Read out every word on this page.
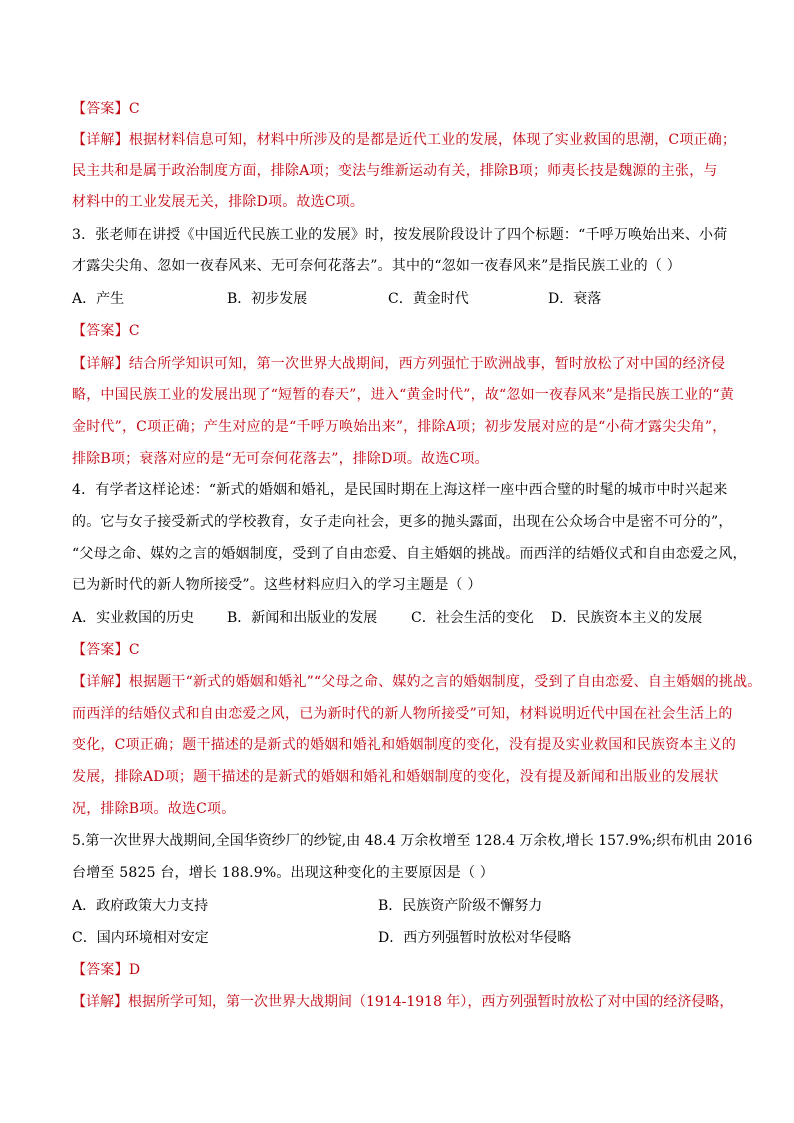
【答案】C
【详解】根据材料信息可知，材料中所涉及的是都是近代工业的发展，体现了实业救国的思潮，C项正确；
民主共和是属于政治制度方面，排除A项；变法与维新运动有关，排除B项；师夷长技是魏源的主张，与
材料中的工业发展无关，排除D项。故选C项。
3．张老师在讲授《中国近代民族工业的发展》时，按发展阶段设计了四个标题：“千呼万唤始出来、小荷
才露尖尖角、忽如一夜春风来、无可奈何花落去”。其中的“忽如一夜春风来”是指民族工业的（ ）
A．产生	B．初步发展	C．黄金时代	D．衰落
【答案】C
【详解】结合所学知识可知，第一次世界大战期间，西方列强忙于欧洲战事，暂时放松了对中国的经济侵
略，中国民族工业的发展出现了“短暂的春天”，进入“黄金时代”，故“忽如一夜春风来”是指民族工业的“黄
金时代”，C项正确；产生对应的是“千呼万唤始出来”，排除A项；初步发展对应的是“小荷才露尖尖角”，
排除B项；衰落对应的是“无可奈何花落去”，排除D项。故选C项。
4．有学者这样论述：“新式的婚姻和婚礼，是民国时期在上海这样一座中西合璧的时髦的城市中时兴起来
的。它与女子接受新式的学校教育，女子走向社会，更多的抛头露面，出现在公众场合中是密不可分的”，
“父母之命、媒妁之言的婚姻制度，受到了自由恋爱、自主婚姻的挑战。而西洋的结婚仪式和自由恋爱之风，
已为新时代的新人物所接受”。这些材料应归入的学习主题是（ ）
A．实业救国的历史 B．新闻和出版业的发展 C．社会生活的变化 D．民族资本主义的发展
【答案】C
【详解】根据题干“新式的婚姻和婚礼”“父母之命、媒妁之言的婚姻制度，受到了自由恋爱、自主婚姻的挑战。
而西洋的结婚仪式和自由恋爱之风，已为新时代的新人物所接受”可知，材料说明近代中国在社会生活上的
变化，C项正确；题干描述的是新式的婚姻和婚礼和婚姻制度的变化，没有提及实业救国和民族资本主义的
发展，排除AD项；题干描述的是新式的婚姻和婚礼和婚姻制度的变化，没有提及新闻和出版业的发展状
况，排除B项。故选C项。
5.第一次世界大战期间,全国华资纱厂的纱锭,由 48.4 万余枚增至 128.4 万余枚,增长 157.9%;织布机由 2016
台增至 5825 台，增长 188.9%。出现这种变化的主要原因是（ ）
A．政府政策大力支持	B．民族资产阶级不懈努力
C．国内环境相对安定	D．西方列强暂时放松对华侵略
【答案】D
【详解】根据所学可知，第一次世界大战期间（1914-1918 年），西方列强暂时放松了对中国的经济侵略，
